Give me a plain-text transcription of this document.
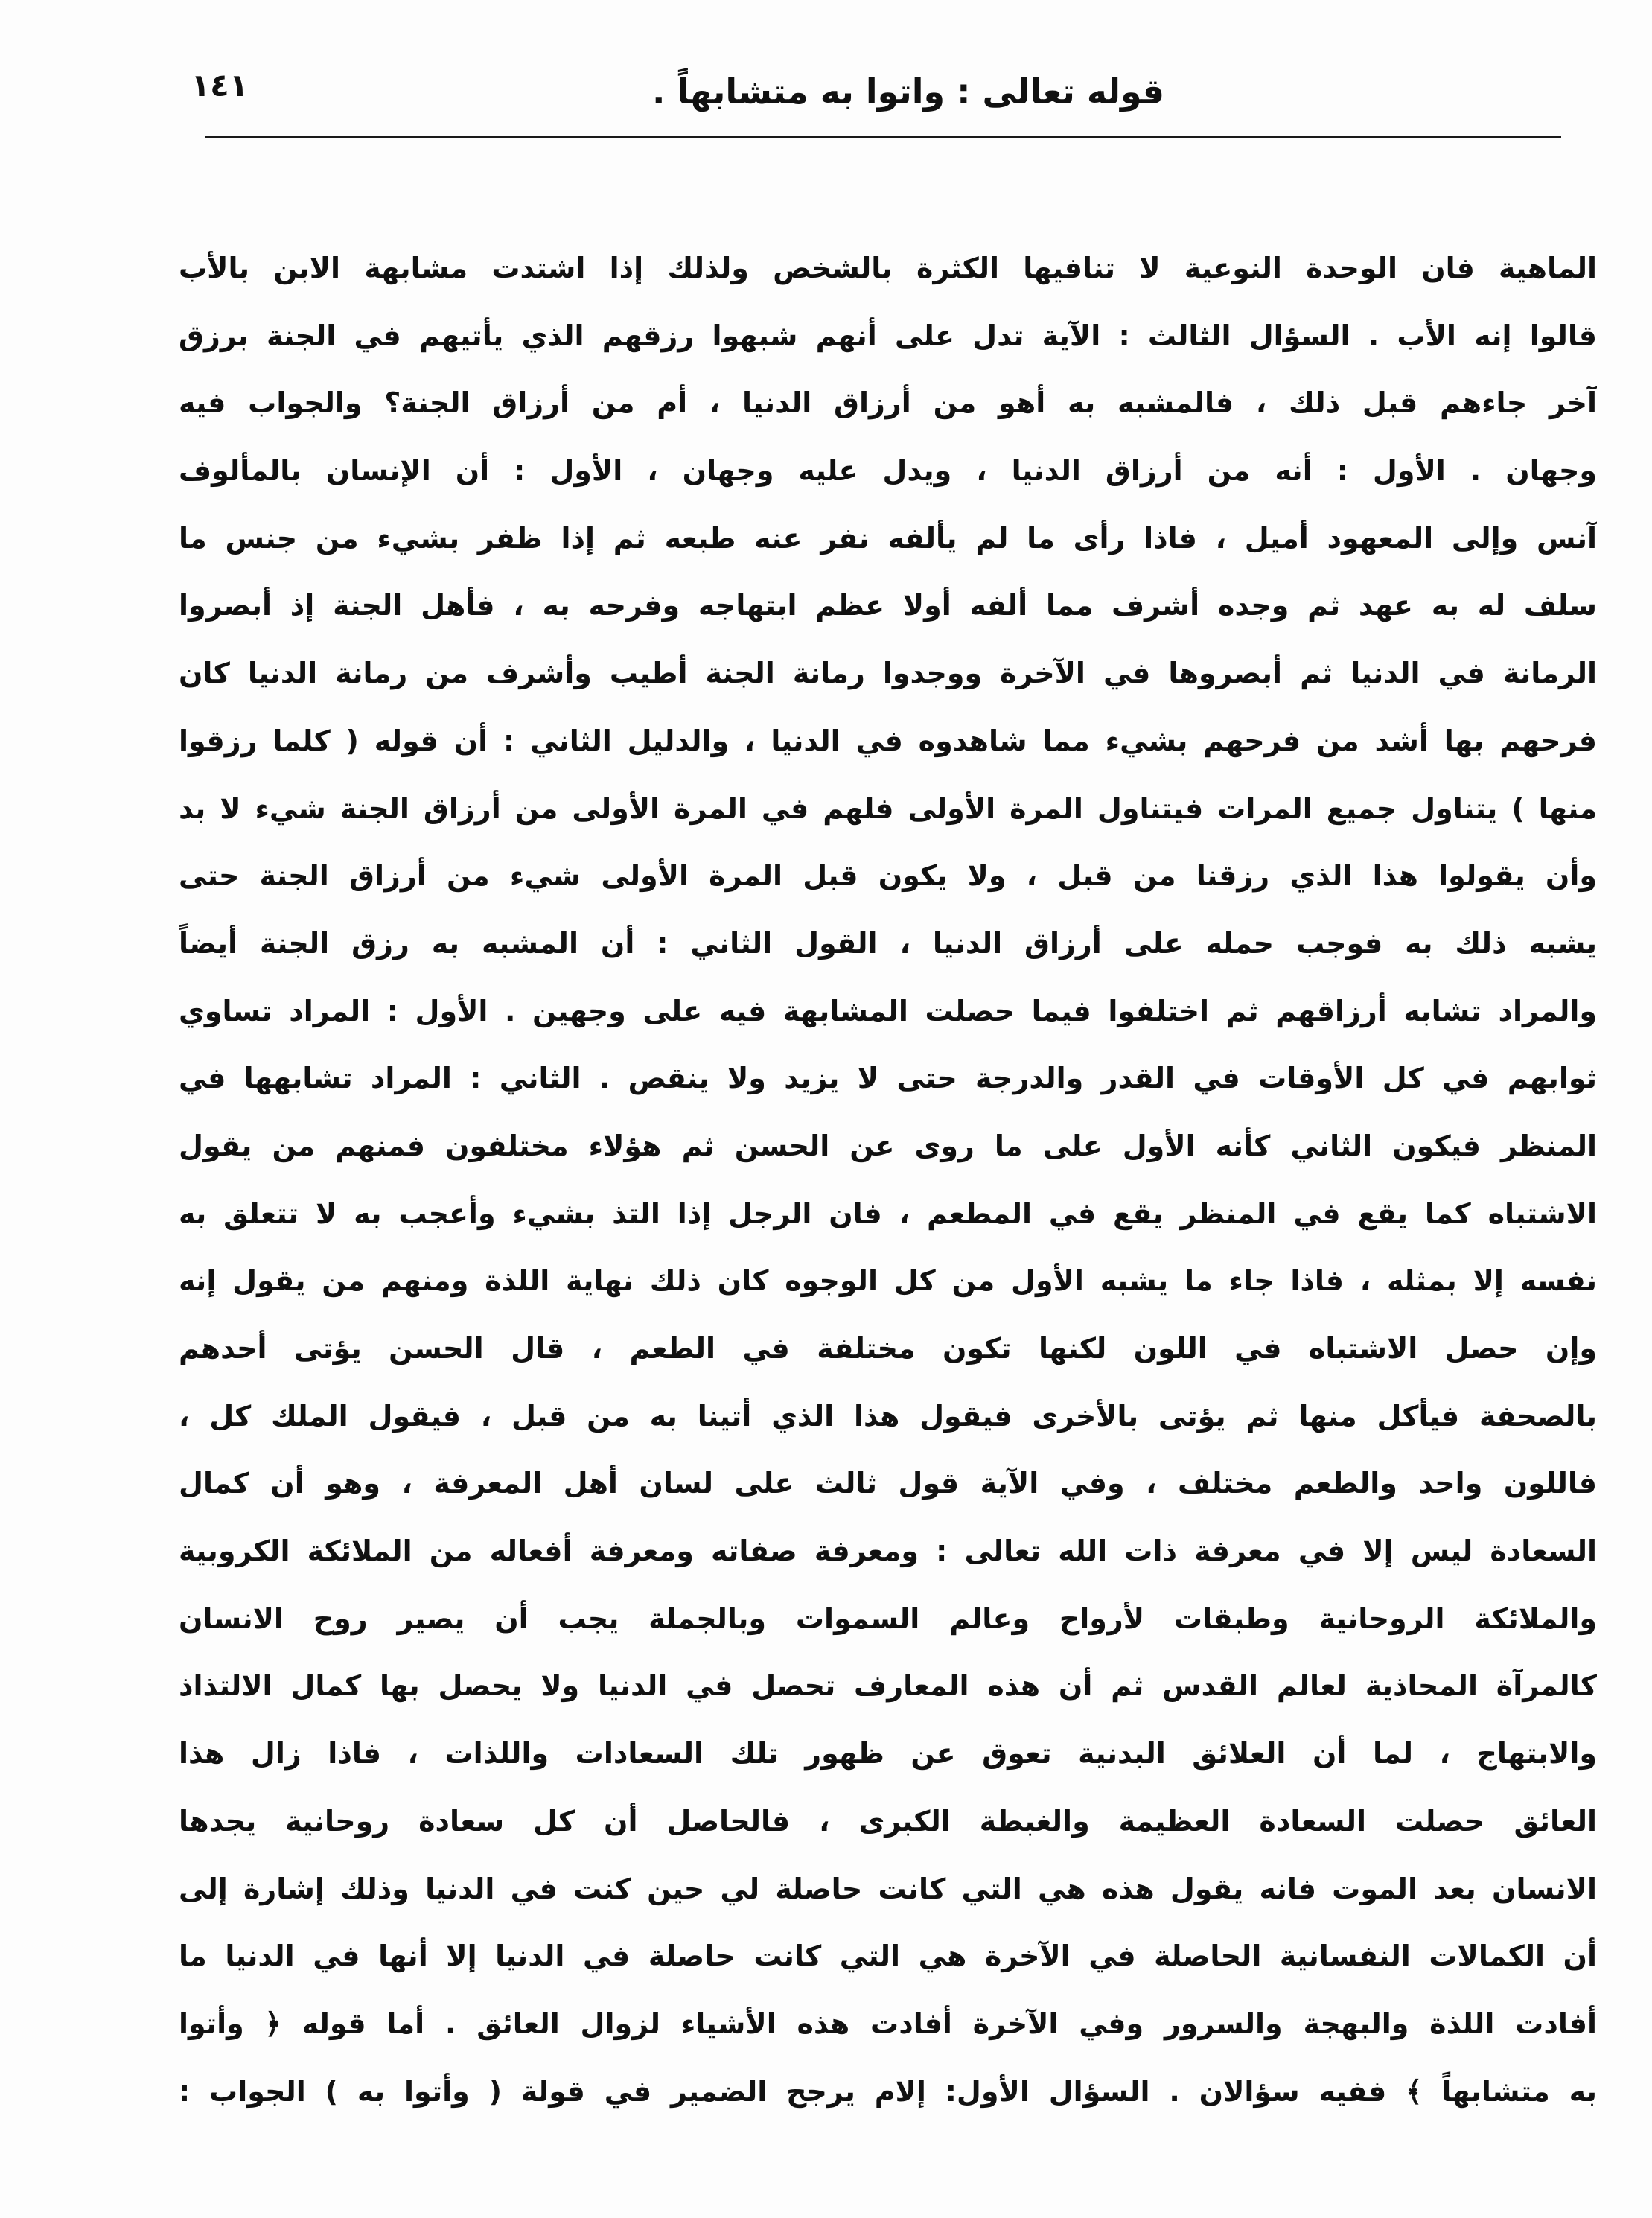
قوله تعالى : واتوا به متشابهاً .
١٤١
الماهية فان الوحدة النوعية لا تنافيها الكثرة بالشخص ولذلك إذا اشتدت مشابهة الابن بالأب
قالوا إنه الأب . السؤال الثالث : الآية تدل على أنهم شبهوا رزقهم الذي يأتيهم في الجنة برزق
آخر جاءهم قبل ذلك ، فالمشبه به أهو من أرزاق الدنيا ، أم من أرزاق الجنة؟ والجواب فيه
وجهان . الأول : أنه من أرزاق الدنيا ، ويدل عليه وجهان ، الأول : أن الإنسان بالمألوف
آنس وإلى المعهود أميل ، فاذا رأى ما لم يألفه نفر عنه طبعه ثم إذا ظفر بشيء من جنس ما
سلف له به عهد ثم وجده أشرف مما ألفه أولا عظم ابتهاجه وفرحه به ، فأهل الجنة إذ أبصروا
الرمانة في الدنيا ثم أبصروها في الآخرة ووجدوا رمانة الجنة أطيب وأشرف من رمانة الدنيا كان
فرحهم بها أشد من فرحهم بشيء مما شاهدوه في الدنيا ، والدليل الثاني : أن قوله ( كلما رزقوا
منها ) يتناول جميع المرات فيتناول المرة الأولى فلهم في المرة الأولى من أرزاق الجنة شيء لا بد
وأن يقولوا هذا الذي رزقنا من قبل ، ولا يكون قبل المرة الأولى شيء من أرزاق الجنة حتى
يشبه ذلك به فوجب حمله على أرزاق الدنيا ، القول الثاني : أن المشبه به رزق الجنة أيضاً
والمراد تشابه أرزاقهم ثم اختلفوا فيما حصلت المشابهة فيه على وجهين . الأول : المراد تساوي
ثوابهم في كل الأوقات في القدر والدرجة حتى لا يزيد ولا ينقص . الثاني : المراد تشابهها في
المنظر فيكون الثاني كأنه الأول على ما روى عن الحسن ثم هؤلاء مختلفون فمنهم من يقول
الاشتباه كما يقع في المنظر يقع في المطعم ، فان الرجل إذا التذ بشيء وأعجب به لا تتعلق به
نفسه إلا بمثله ، فاذا جاء ما يشبه الأول من كل الوجوه كان ذلك نهاية اللذة ومنهم من يقول إنه
وإن حصل الاشتباه في اللون لكنها تكون مختلفة في الطعم ، قال الحسن يؤتى أحدهم
بالصحفة فيأكل منها ثم يؤتى بالأخرى فيقول هذا الذي أتينا به من قبل ، فيقول الملك كل ،
فاللون واحد والطعم مختلف ، وفي الآية قول ثالث على لسان أهل المعرفة ، وهو أن كمال
السعادة ليس إلا في معرفة ذات الله تعالى : ومعرفة صفاته ومعرفة أفعاله من الملائكة الكروبية
والملائكة الروحانية وطبقات لأرواح وعالم السموات وبالجملة يجب أن يصير روح الانسان
كالمرآة المحاذية لعالم القدس ثم أن هذه المعارف تحصل في الدنيا ولا يحصل بها كمال الالتذاذ
والابتهاج ، لما أن العلائق البدنية تعوق عن ظهور تلك السعادات واللذات ، فاذا زال هذا
العائق حصلت السعادة العظيمة والغبطة الكبرى ، فالحاصل أن كل سعادة روحانية يجدها
الانسان بعد الموت فانه يقول هذه هي التي كانت حاصلة لي حين كنت في الدنيا وذلك إشارة إلى
أن الكمالات النفسانية الحاصلة في الآخرة هي التي كانت حاصلة في الدنيا إلا أنها في الدنيا ما
أفادت اللذة والبهجة والسرور وفي الآخرة أفادت هذه الأشياء لزوال العائق . أما قوله ﴿ وأتوا
به متشابهاً ﴾ ففيه سؤالان . السؤال الأول: إلام يرجح الضمير في قولة ( وأتوا به ) الجواب :
